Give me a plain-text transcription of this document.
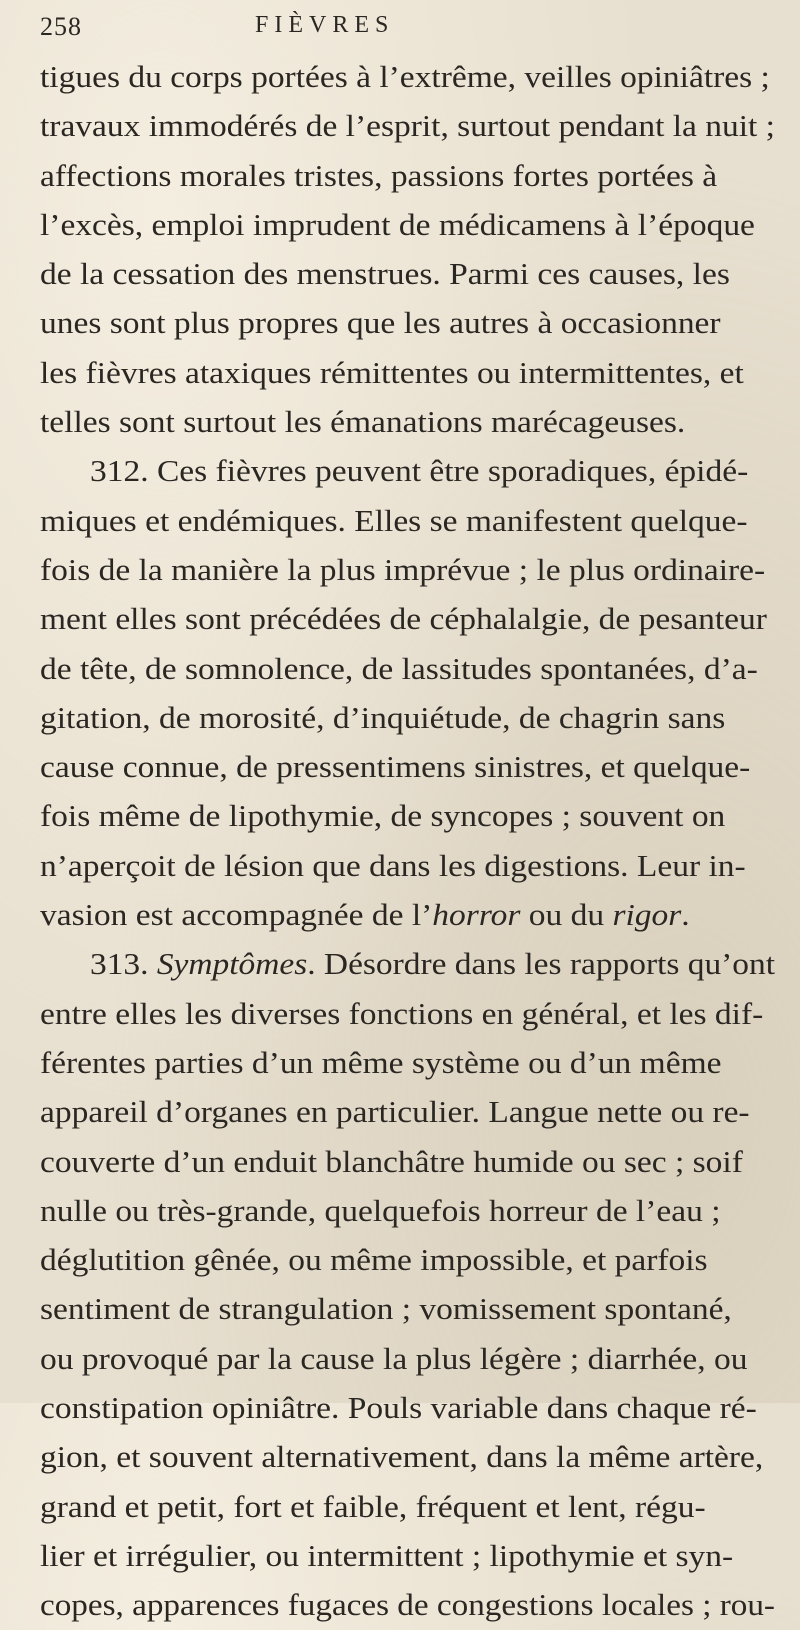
258	FIÈVRES
tigues du corps portées à l’extrême, veilles opiniâtres ;
travaux immodérés de l’esprit, surtout pendant la nuit ;
affections morales tristes, passions fortes portées à
l’excès, emploi imprudent de médicamens à l’époque
de la cessation des menstrues. Parmi ces causes, les
unes sont plus propres que les autres à occasionner
les fièvres ataxiques rémittentes ou intermittentes, et
telles sont surtout les émanations marécageuses.
312. Ces fièvres peuvent être sporadiques, épidé-
miques et endémiques. Elles se manifestent quelque-
fois de la manière la plus imprévue ; le plus ordinaire-
ment elles sont précédées de céphalalgie, de pesanteur
de tête, de somnolence, de lassitudes spontanées, d’a-
gitation, de morosité, d’inquiétude, de chagrin sans
cause connue, de pressentimens sinistres, et quelque-
fois même de lipothymie, de syncopes ; souvent on
n’aperçoit de lésion que dans les digestions. Leur in-
vasion est accompagnée de l’horror ou du rigor.
313. Symptômes. Désordre dans les rapports qu’ont
entre elles les diverses fonctions en général, et les dif-
férentes parties d’un même système ou d’un même
appareil d’organes en particulier. Langue nette ou re-
couverte d’un enduit blanchâtre humide ou sec ; soif
nulle ou très-grande, quelquefois horreur de l’eau ;
déglutition gênée, ou même impossible, et parfois
sentiment de strangulation ; vomissement spontané,
ou provoqué par la cause la plus légère ; diarrhée, ou
constipation opiniâtre. Pouls variable dans chaque ré-
gion, et souvent alternativement, dans la même artère,
grand et petit, fort et faible, fréquent et lent, régu-
lier et irrégulier, ou intermittent ; lipothymie et syn-
copes, apparences fugaces de congestions locales ; rou-
